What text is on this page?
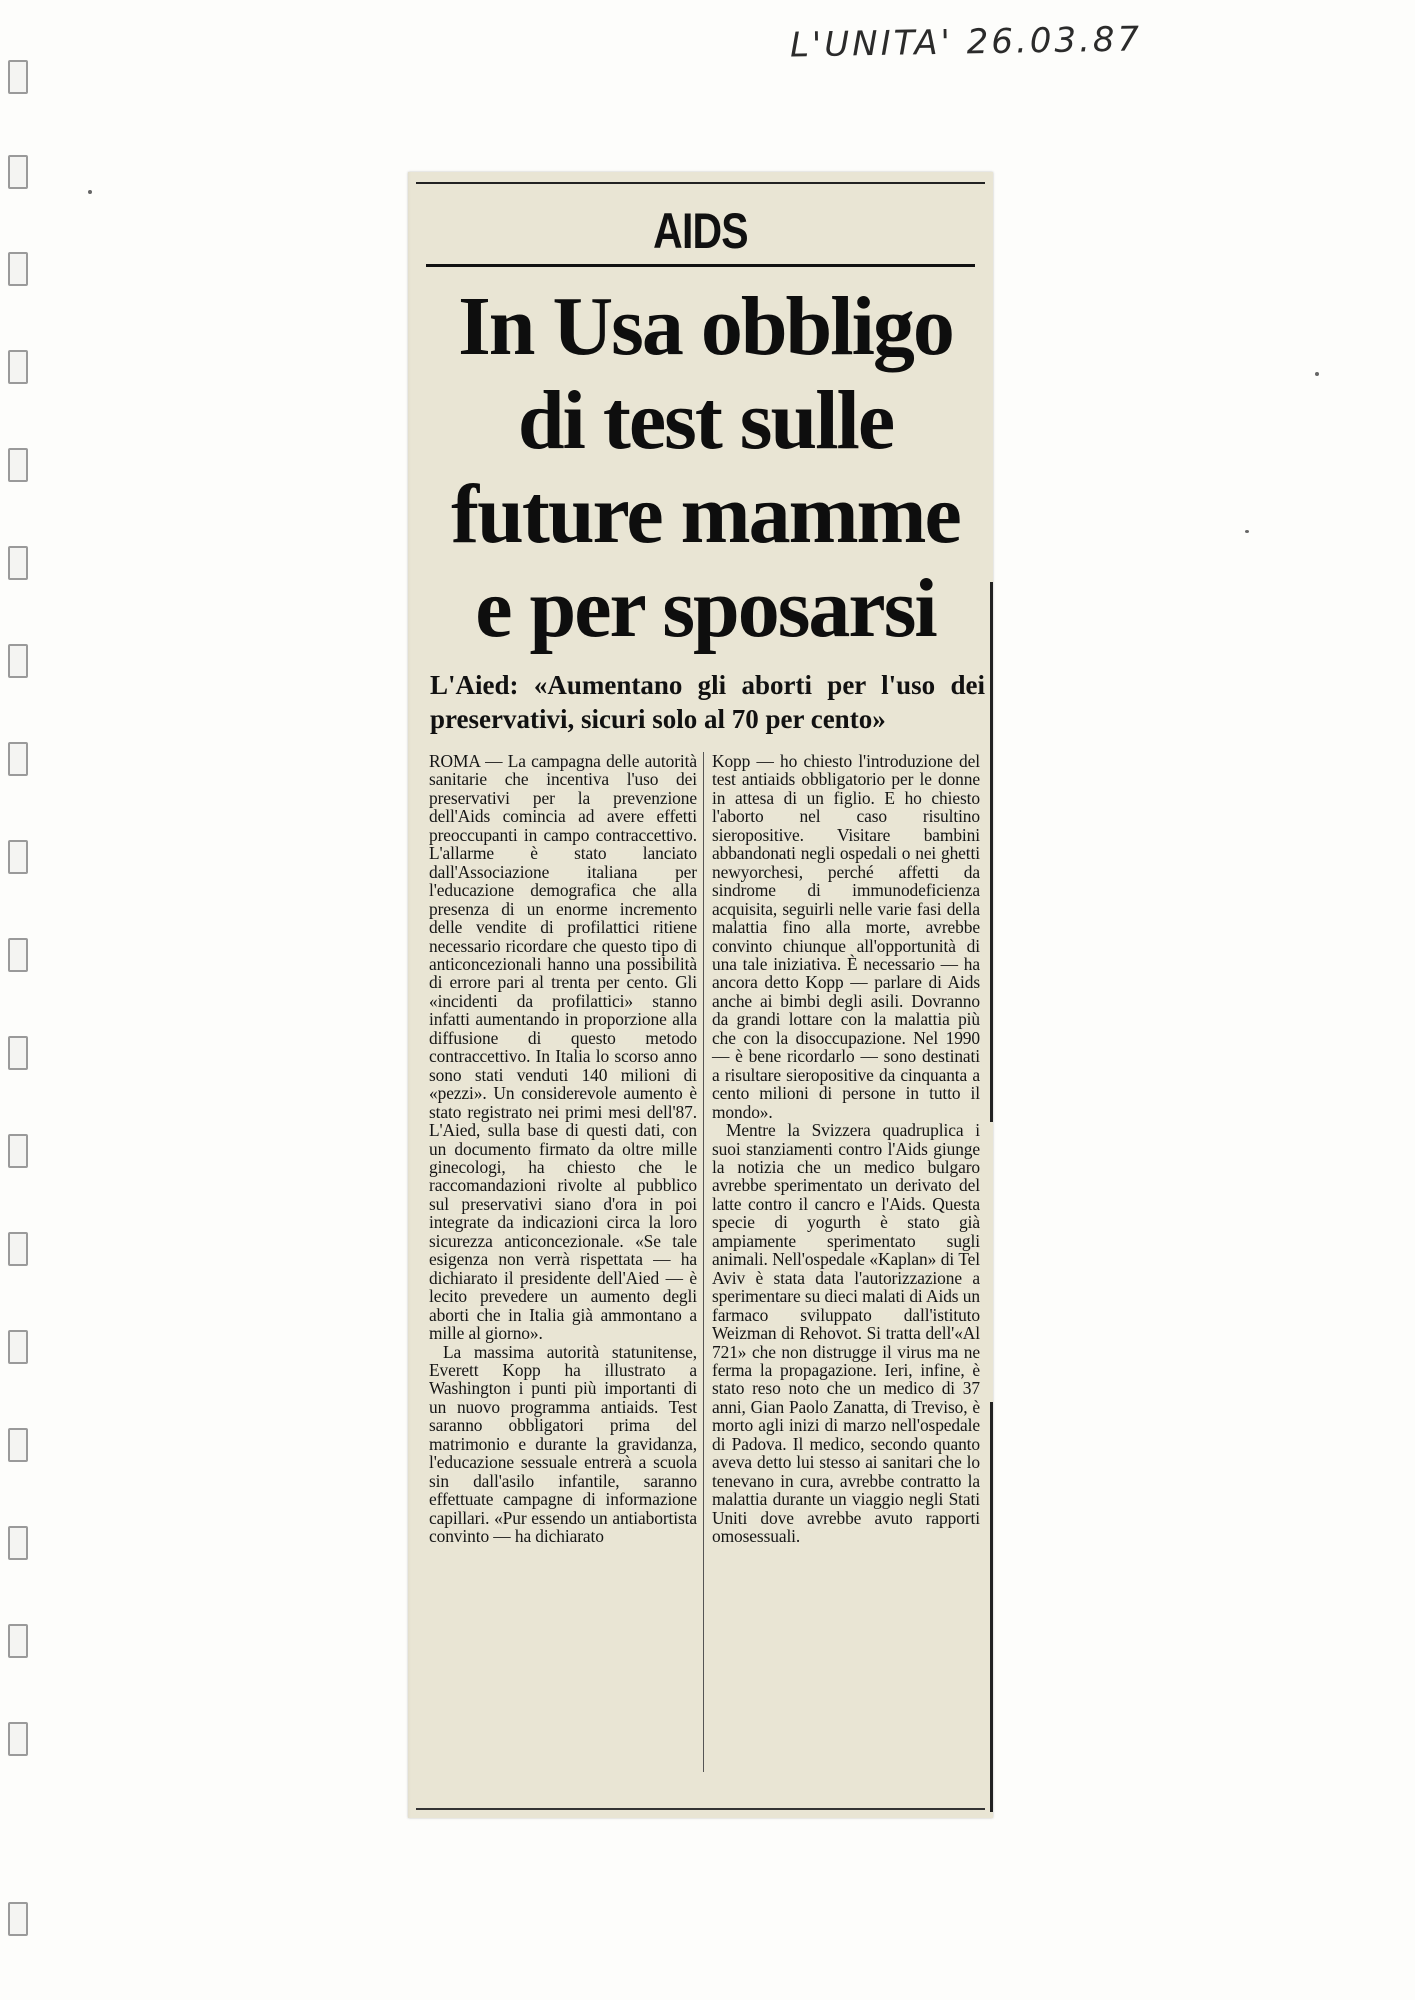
L'UNITA' 26.03.87
AIDS
In Usa obbligo
di test sulle
future mamme
e per sposarsi
L'Aied: «Aumentano gli aborti per l'uso dei preservativi, sicuri solo al 70 per cento»

ROMA — La campagna delle autorità sanitarie che incentiva l'uso dei preservativi per la prevenzione dell'Aids comincia ad avere effetti preoccupanti in campo contraccettivo. L'allarme è stato lanciato dall'Associazione italiana per l'educazione demografica che alla presenza di un enorme incremento delle vendite di profilattici ritiene necessario ricordare che questo tipo di anticoncezionali hanno una possibilità di errore pari al trenta per cento. Gli «incidenti da profilattici» stanno infatti aumentando in proporzione alla diffusione di questo metodo contraccettivo. In Italia lo scorso anno sono stati venduti 140 milioni di «pezzi». Un considerevole aumento è stato registrato nei primi mesi dell'87. L'Aied, sulla base di questi dati, con un documento firmato da oltre mille ginecologi, ha chiesto che le raccomandazioni rivolte al pubblico sul preservativi siano d'ora in poi integrate da indicazioni circa la loro sicurezza anticoncezionale. «Se tale esigenza non verrà rispettata — ha dichiarato il presidente dell'Aied — è lecito prevedere un aumento degli aborti che in Italia già ammontano a mille al giorno».

La massima autorità statunitense, Everett Kopp ha illustrato a Washington i punti più importanti di un nuovo programma antiaids. Test saranno obbligatori prima del matrimonio e durante la gravidanza, l'educazione sessuale entrerà a scuola sin dall'asilo infantile, saranno effettuate campagne di informazione capillari. «Pur essendo un antiabortista convinto — ha dichiarato

Kopp — ho chiesto l'introduzione del test antiaids obbligatorio per le donne in attesa di un figlio. E ho chiesto l'aborto nel caso risultino sieropositive. Visitare bambini abbandonati negli ospedali o nei ghetti newyorchesi, perché affetti da sindrome di immunodeficienza acquisita, seguirli nelle varie fasi della malattia fino alla morte, avrebbe convinto chiunque all'opportunità di una tale iniziativa. È necessario — ha ancora detto Kopp — parlare di Aids anche ai bimbi degli asili. Dovranno da grandi lottare con la malattia più che con la disoccupazione. Nel 1990 — è bene ricordarlo — sono destinati a risultare sieropositive da cinquanta a cento milioni di persone in tutto il mondo».

Mentre la Svizzera quadruplica i suoi stanziamenti contro l'Aids giunge la notizia che un medico bulgaro avrebbe sperimentato un derivato del latte contro il cancro e l'Aids. Questa specie di yogurth è stato già ampiamente sperimentato sugli animali. Nell'ospedale «Kaplan» di Tel Aviv è stata data l'autorizzazione a sperimentare su dieci malati di Aids un farmaco sviluppato dall'istituto Weizman di Rehovot. Si tratta dell'«Al 721» che non distrugge il virus ma ne ferma la propagazione. Ieri, infine, è stato reso noto che un medico di 37 anni, Gian Paolo Zanatta, di Treviso, è morto agli inizi di marzo nell'ospedale di Padova. Il medico, secondo quanto aveva detto lui stesso ai sanitari che lo tenevano in cura, avrebbe contratto la malattia durante un viaggio negli Stati Uniti dove avrebbe avuto rapporti omosessuali.
